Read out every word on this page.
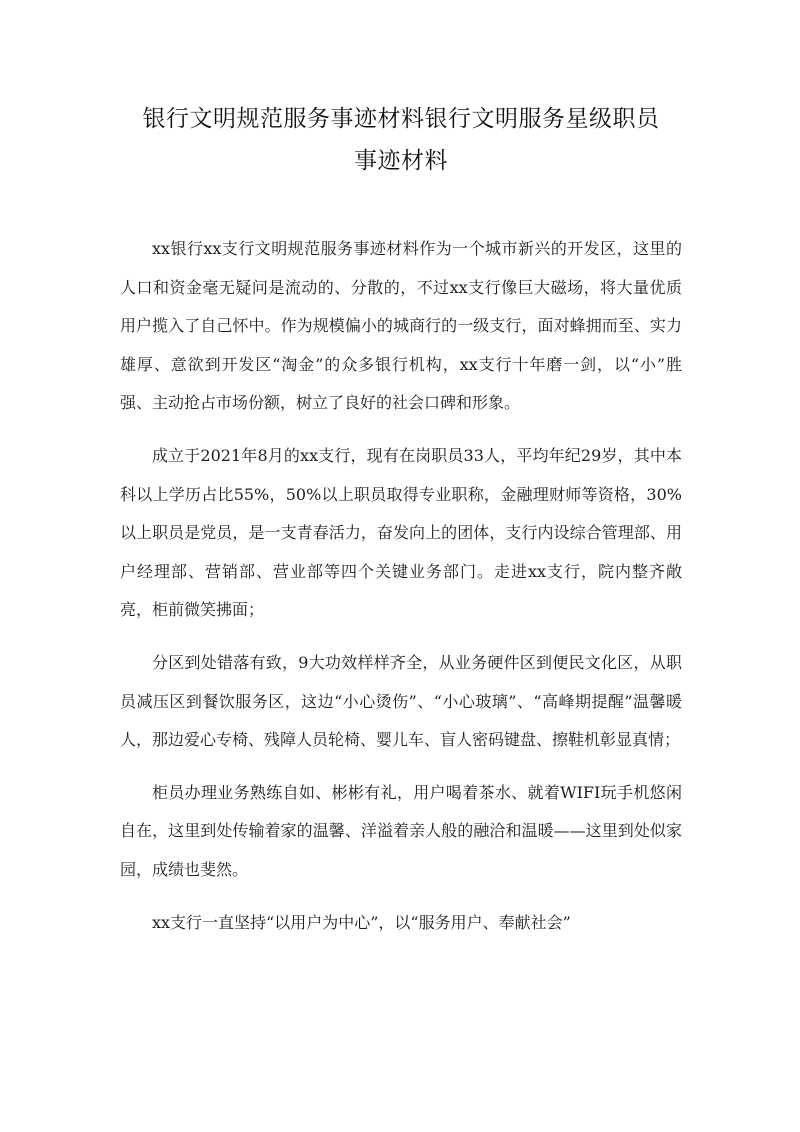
银行文明规范服务事迹材料银行文明服务星级职员
事迹材料

xx银行xx支行文明规范服务事迹材料作为一个城市新兴的开发区，这里的人口和资金毫无疑问是流动的、分散的，不过xx支行像巨大磁场，将大量优质用户揽入了自己怀中。作为规模偏小的城商行的一级支行，面对蜂拥而至、实力雄厚、意欲到开发区“淘金”的众多银行机构，xx支行十年磨一剑，以“小”胜强、主动抢占市场份额，树立了良好的社会口碑和形象。

成立于2021年8月的xx支行，现有在岗职员33人，平均年纪29岁，其中本科以上学历占比55%，50%以上职员取得专业职称，金融理财师等资格，30%以上职员是党员，是一支青春活力，奋发向上的团体，支行内设综合管理部、用户经理部、营销部、营业部等四个关键业务部门。走进xx支行，院内整齐敞亮，柜前微笑拂面；

分区到处错落有致，9大功效样样齐全，从业务硬件区到便民文化区，从职员减压区到餐饮服务区，这边“小心烫伤”、“小心玻璃”、“高峰期提醒”温馨暖人，那边爱心专椅、残障人员轮椅、婴儿车、盲人密码键盘、擦鞋机彰显真情；

柜员办理业务熟练自如、彬彬有礼，用户喝着茶水、就着WIFI玩手机悠闲自在，这里到处传输着家的温馨、洋溢着亲人般的融洽和温暖——这里到处似家园，成绩也斐然。

xx支行一直坚持“以用户为中心”，以“服务用户、奉献社会”
